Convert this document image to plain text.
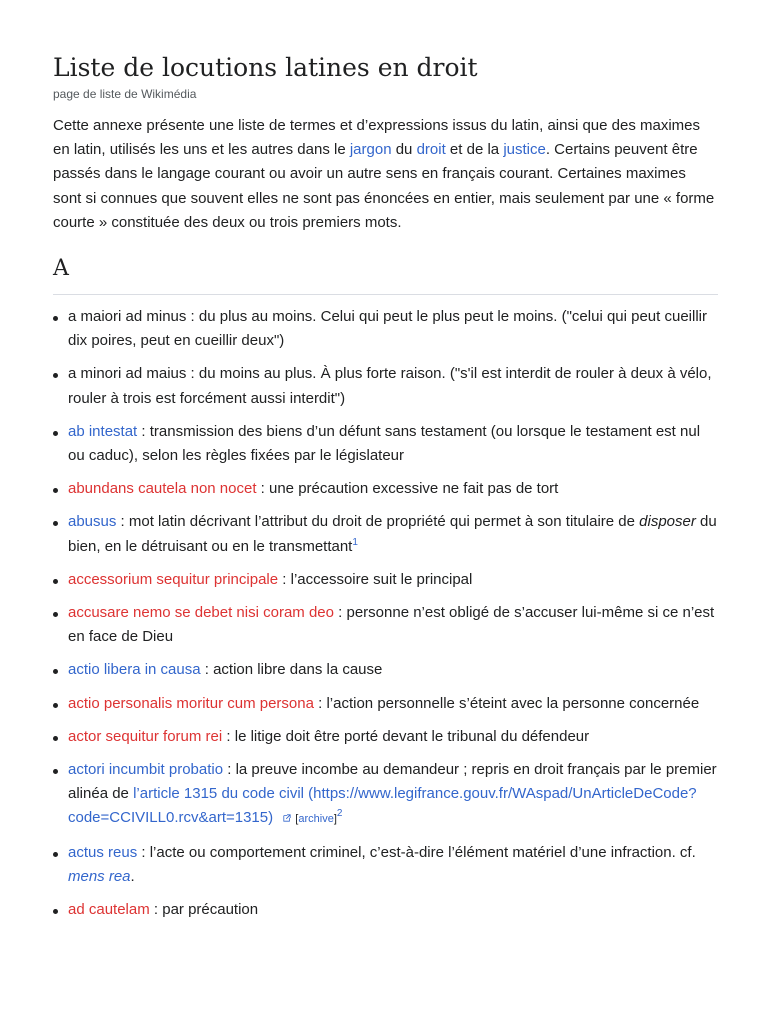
Liste de locutions latines en droit
page de liste de Wikimédia

Cette annexe présente une liste de termes et d’expressions issus du latin, ainsi que des maximes en latin, utilisés les uns et les autres dans le jargon du droit et de la justice. Certains peuvent être passés dans le langage courant ou avoir un autre sens en français courant. Certaines maximes sont si connues que souvent elles ne sont pas énoncées en entier, mais seulement par une « forme courte » constituée des deux ou trois premiers mots.

A
a maiori ad minus : du plus au moins. Celui qui peut le plus peut le moins. ("celui qui peut cueillir dix poires, peut en cueillir deux")
a minori ad maius : du moins au plus. À plus forte raison. ("s'il est interdit de rouler à deux à vélo, rouler à trois est forcément aussi interdit")
ab intestat : transmission des biens d’un défunt sans testament (ou lorsque le testament est nul ou caduc), selon les règles fixées par le législateur
abundans cautela non nocet : une précaution excessive ne fait pas de tort
abusus : mot latin décrivant l’attribut du droit de propriété qui permet à son titulaire de disposer du bien, en le détruisant ou en le transmettant$^1$
accessorium sequitur principale : l’accessoire suit le principal
accusare nemo se debet nisi coram deo : personne n’est obligé de s’accuser lui-même si ce n’est en face de Dieu
actio libera in causa : action libre dans la cause
actio personalis moritur cum persona : l’action personnelle s’éteint avec la personne concernée
actor sequitur forum rei : le litige doit être porté devant le tribunal du défendeur
actori incumbit probatio : la preuve incombe au demandeur ; repris en droit français par le premier alinéa de l’article 1315 du code civil (https://www.legifrance.gouv.fr/WAspad/UnArticleDeCode?code=CCIVILL0.rcv&art=1315) [archive]$^2$
actus reus : l’acte ou comportement criminel, c’est-à-dire l’élément matériel d’une infraction. cf. mens rea.
ad cautelam : par précaution
